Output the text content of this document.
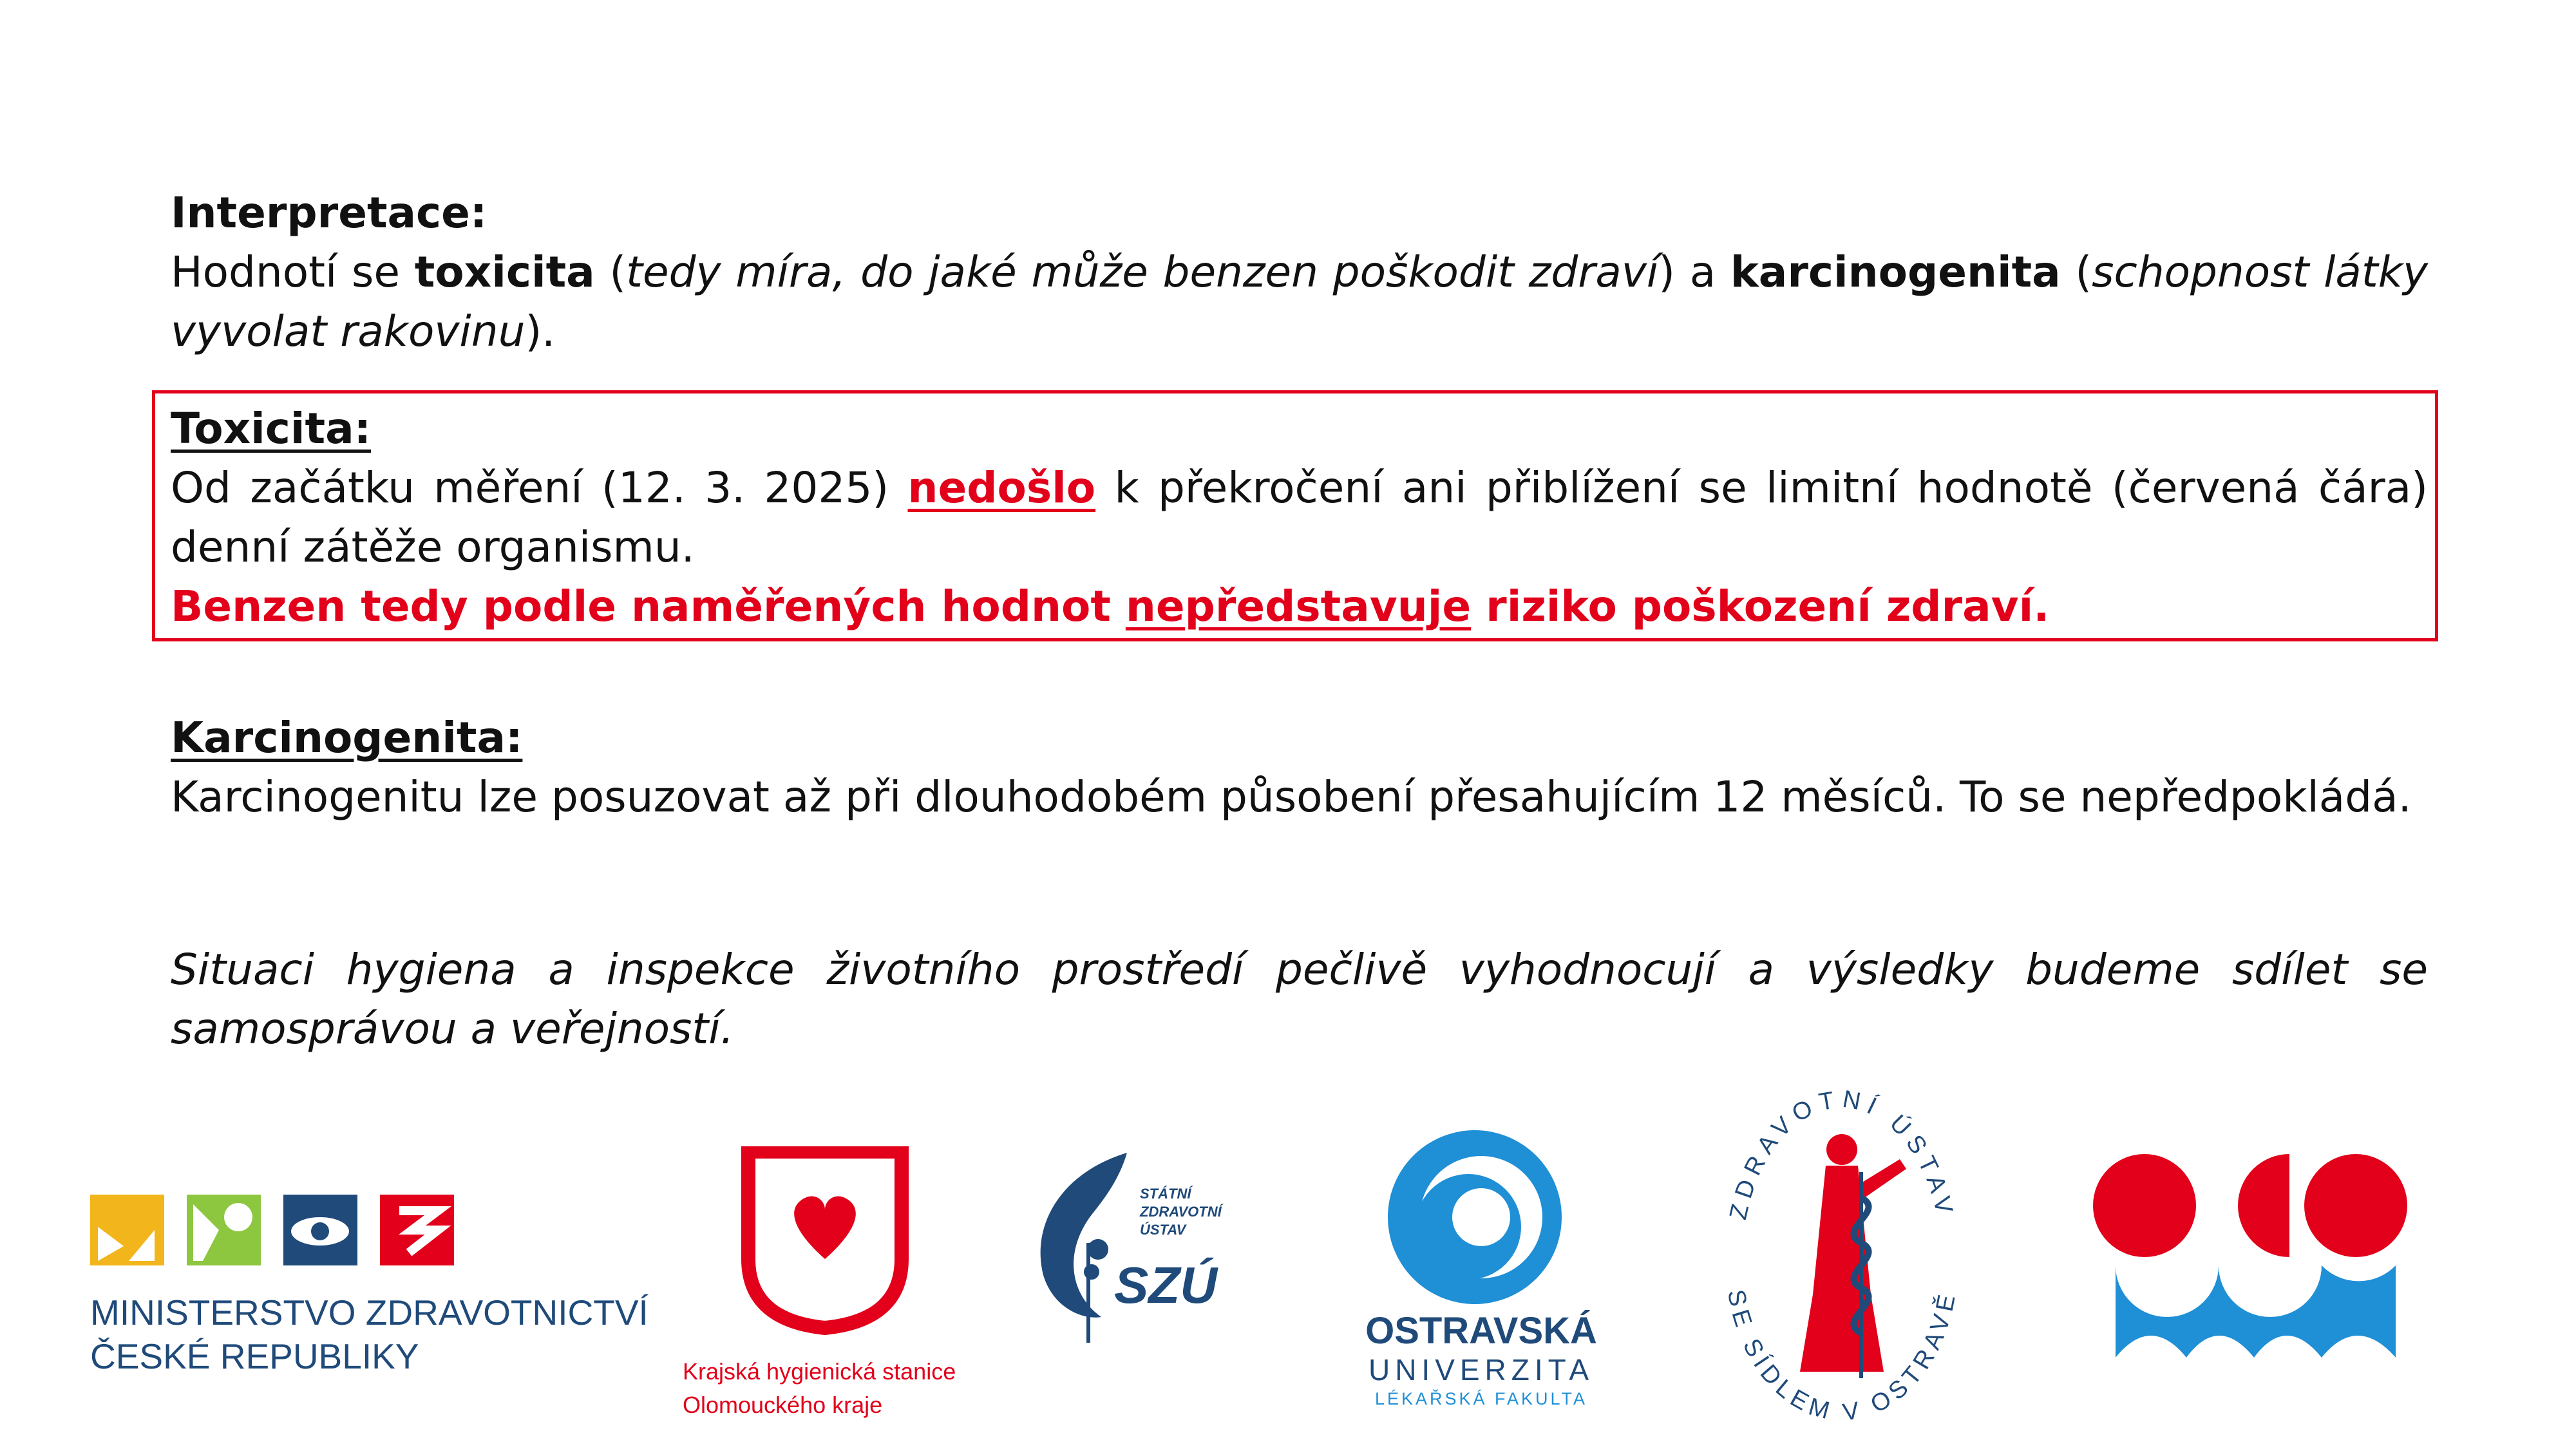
Interpretace:
Hodnotí se toxicita (tedy míra, do jaké může benzen poškodit zdraví) a karcinogenita (schopnost látky vyvolat rakovinu).
Toxicita:
Od začátku měření (12. 3. 2025) nedošlo k překročení ani přiblížení se limitní hodnotě (červená čára) denní zátěže organismu.
Benzen tedy podle naměřených hodnot nepředstavuje riziko poškození zdraví.
Karcinogenita:
Karcinogenitu lze posuzovat až při dlouhodobém působení přesahujícím 12 měsíců. To se nepředpokládá.
Situaci hygiena a inspekce životního prostředí pečlivě vyhodnocují a výsledky budeme sdílet se samosprávou a veřejností.
MINISTERSTVO ZDRAVOTNICTVÍ
ČESKÉ REPUBLIKY	Krajská hygienická stanice
Olomouckého kraje
STÁTNÍ
ZDRAVOTNÍ
ÚSTAV
SZÚ
OSTRAVSKÁ
UNIVERZITA
LÉKAŘSKÁ FAKULTA
ZDRAVOTNÍ ÚSTAV
SE SÍDLEM V OSTRAVĚ
